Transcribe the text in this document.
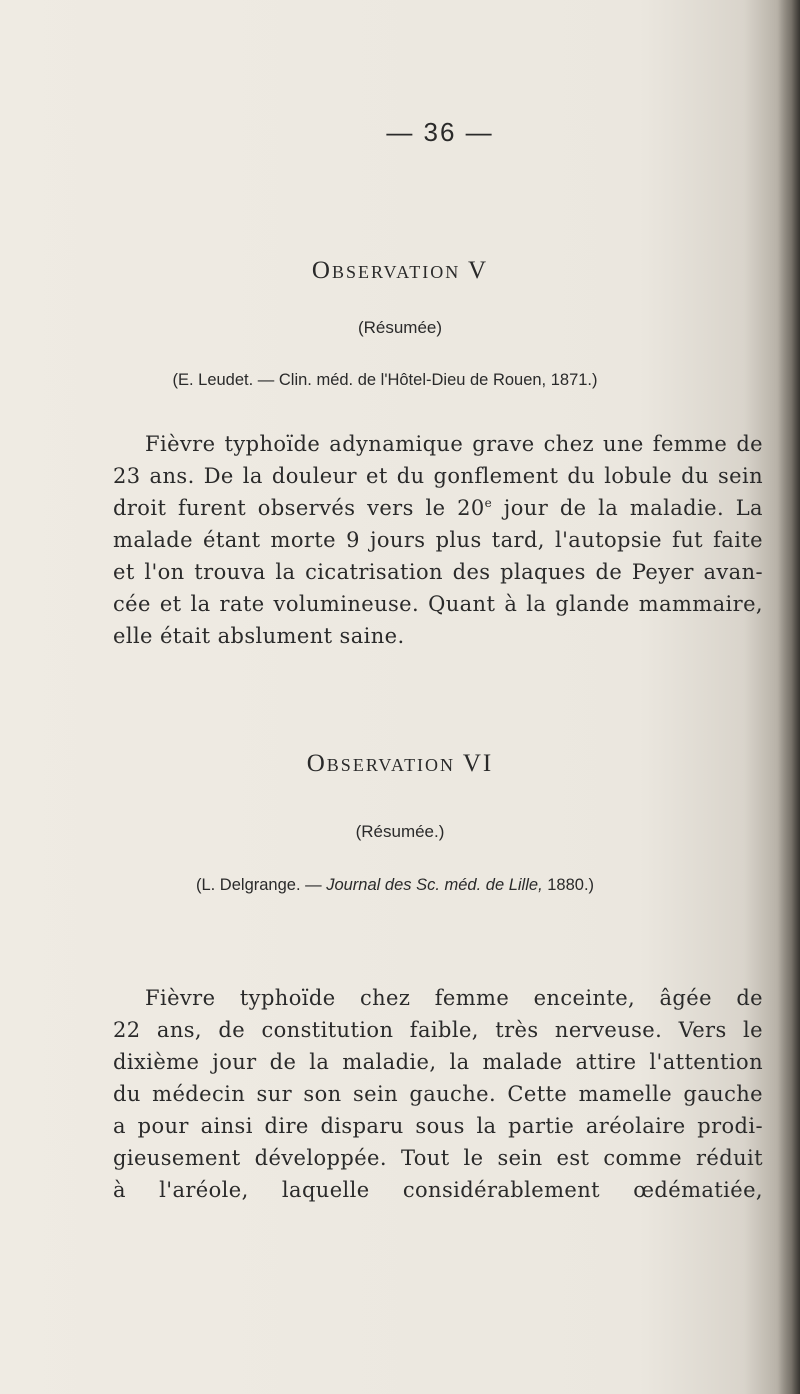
— 36 —
Observation V
(Résumée)
(E. Leudet. — Clin. méd. de l'Hôtel-Dieu de Rouen, 1871.)
Fièvre typhoïde adynamique grave chez une femme de
23 ans. De la douleur et du gonflement du lobule du sein
droit furent observés vers le 20e jour de la maladie. La
malade étant morte 9 jours plus tard, l'autopsie fut faite
et l'on trouva la cicatrisation des plaques de Peyer avan-
cée et la rate volumineuse. Quant à la glande mammaire,
elle était abslument saine.
Observation VI
(Résumée.)
(L. Delgrange. — Journal des Sc. méd. de Lille, 1880.)
Fièvre typhoïde chez femme enceinte, âgée de
22 ans, de constitution faible, très nerveuse. Vers le
dixième jour de la maladie, la malade attire l'attention
du médecin sur son sein gauche. Cette mamelle gauche
a pour ainsi dire disparu sous la partie aréolaire prodi-
gieusement développée. Tout le sein est comme réduit
à l'aréole, laquelle considérablement œdématiée,
